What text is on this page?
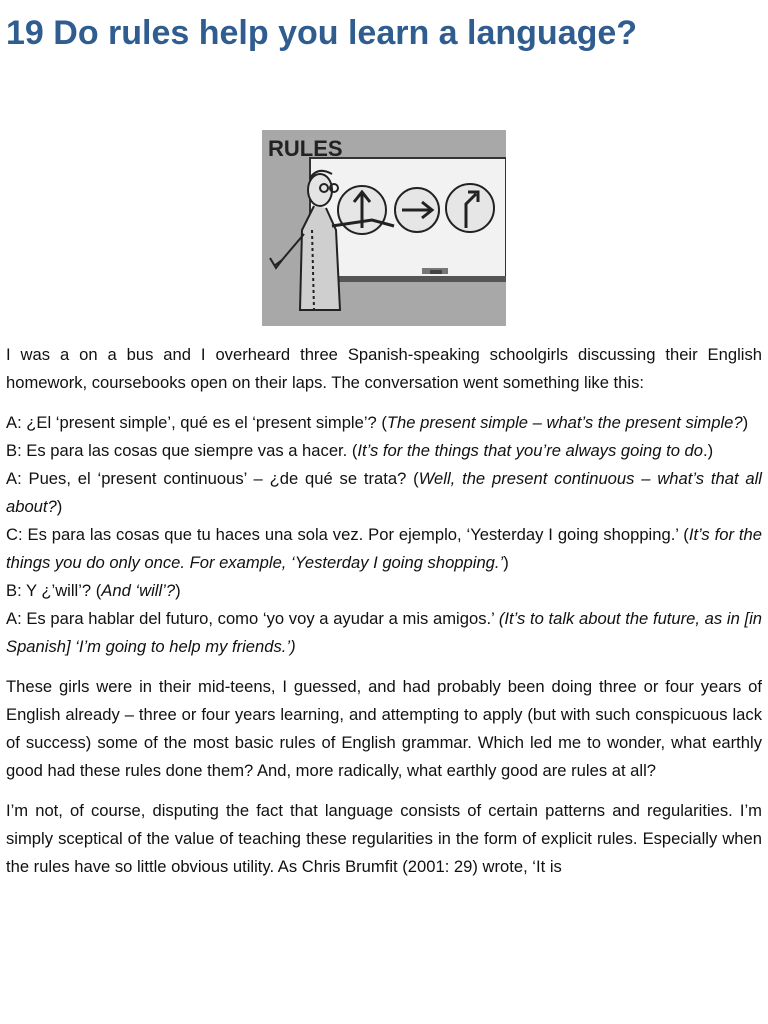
19 Do rules help you learn a language?
RULES

I was a on a bus and I overheard three Spanish-speaking schoolgirls discussing their English homework, coursebooks open on their laps. The conversation went something like this:

A: ¿El ‘present simple’, qué es el ‘present simple’? (The present simple – what’s the present simple?)
B: Es para las cosas que siempre vas a hacer. (It’s for the things that you’re always going to do.)
A: Pues, el ‘present continuous’ – ¿de qué se trata? (Well, the present continuous – what’s that all about?)
C: Es para las cosas que tu haces una sola vez. Por ejemplo, ‘Yesterday I going shopping.’ (It’s for the things you do only once. For example, ‘Yesterday I going shopping.’)
B: Y ¿’will’? (And ‘will’?)
A: Es para hablar del futuro, como ‘yo voy a ayudar a mis amigos.’ (It’s to talk about the future, as in [in Spanish] ‘I’m going to help my friends.’)

These girls were in their mid-teens, I guessed, and had probably been doing three or four years of English already – three or four years learning, and attempting to apply (but with such conspicuous lack of success) some of the most basic rules of English grammar. Which led me to wonder, what earthly good had these rules done them? And, more radically, what earthly good are rules at all?

I’m not, of course, disputing the fact that language consists of certain patterns and regularities. I’m simply sceptical of the value of teaching these regularities in the form of explicit rules. Especially when the rules have so little obvious utility. As Chris Brumfit (2001: 29) wrote, ‘It is
